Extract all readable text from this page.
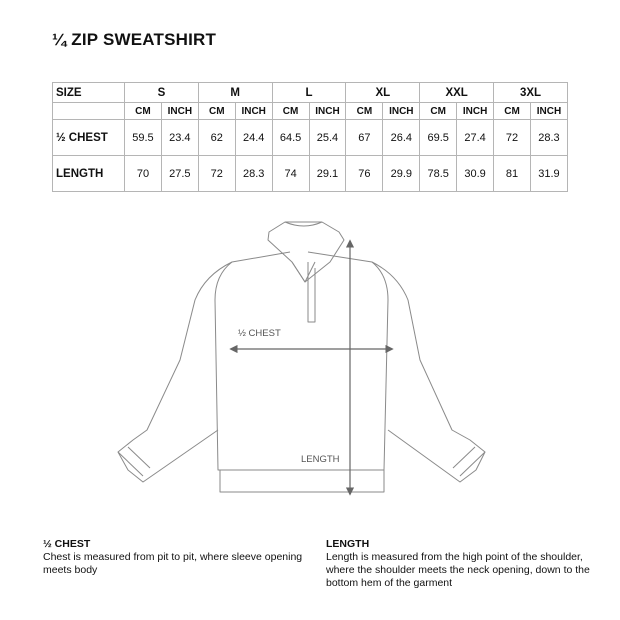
¼ ZIP SWEATSHIRT
SIZE	S		M		L		XL		XXL		3XL	
	CM	INCH	CM	INCH	CM	INCH	CM	INCH	CM	INCH	CM	INCH
½ CHEST	59.5	23.4	62	24.4	64.5	25.4	67	26.4	69.5	27.4	72	28.3
LENGTH	70	27.5	72	28.3	74	29.1	76	29.9	78.5	30.9	81	31.9
½ CHEST
LENGTH
½ CHEST
Chest is measured from pit to pit, where sleeve opening meets body
LENGTH
Length is measured from the high point of the shoulder, where the shoulder meets the neck opening, down to the bottom hem of the garment
